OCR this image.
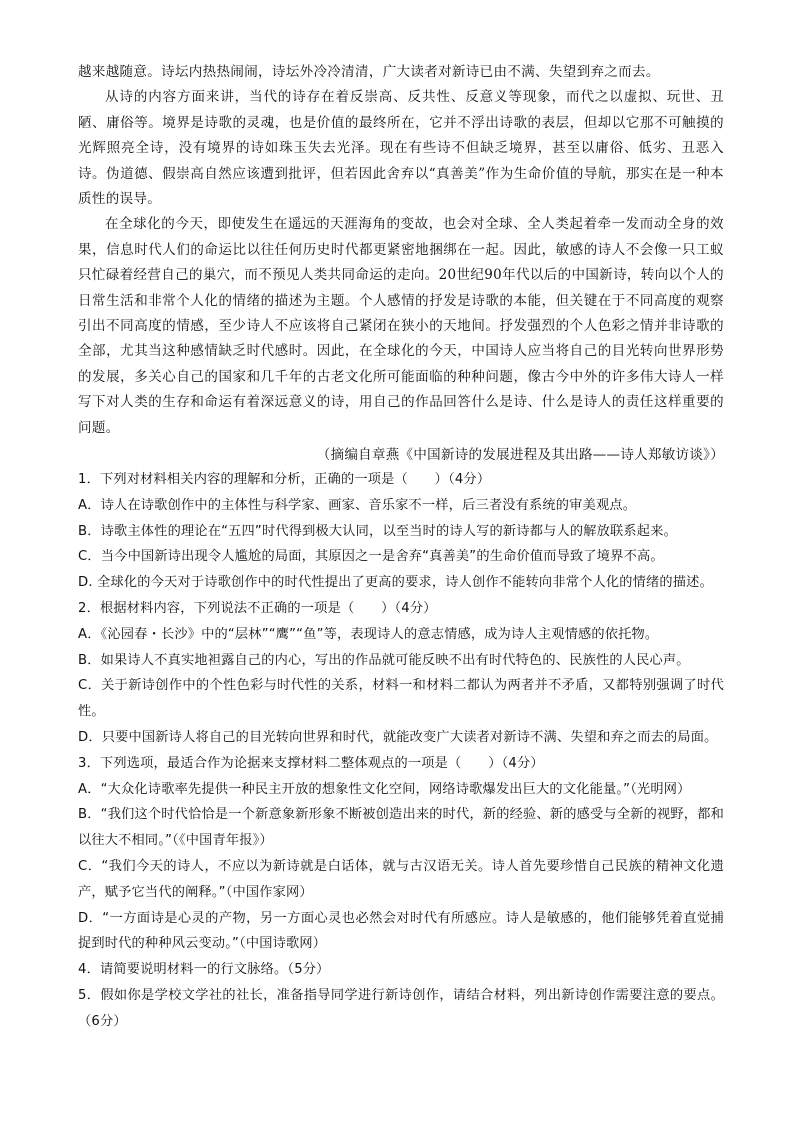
越来越随意。诗坛内热热闹闹，诗坛外冷冷清清，广大读者对新诗已由不满、失望到弃之而去。

从诗的内容方面来讲，当代的诗存在着反崇高、反共性、反意义等现象，而代之以虚拟、玩世、丑陋、庸俗等。境界是诗歌的灵魂，也是价值的最终所在，它并不浮出诗歌的表层，但却以它那不可触摸的光辉照亮全诗，没有境界的诗如珠玉失去光泽。现在有些诗不但缺乏境界，甚至以庸俗、低劣、丑恶入诗。伪道德、假崇高自然应该遭到批评，但若因此舍弃以“真善美”作为生命价值的导航，那实在是一种本质性的误导。

在全球化的今天，即使发生在遥远的天涯海角的变故，也会对全球、全人类起着牵一发而动全身的效果，信息时代人们的命运比以往任何历史时代都更紧密地捆绑在一起。因此，敏感的诗人不会像一只工蚁只忙碌着经营自己的巢穴，而不预见人类共同命运的走向。20世纪90年代以后的中国新诗，转向以个人的日常生活和非常个人化的情绪的描述为主题。个人感情的抒发是诗歌的本能，但关键在于不同高度的观察引出不同高度的情感，至少诗人不应该将自己紧闭在狭小的天地间。抒发强烈的个人色彩之情并非诗歌的全部，尤其当这种感情缺乏时代感时。因此，在全球化的今天，中国诗人应当将自己的目光转向世界形势的发展，多关心自己的国家和几千年的古老文化所可能面临的种种问题，像古今中外的许多伟大诗人一样写下对人类的生存和命运有着深远意义的诗，用自己的作品回答什么是诗、什么是诗人的责任这样重要的问题。

（摘编自章燕《中国新诗的发展进程及其出路——诗人郑敏访谈》）

1．下列对材料相关内容的理解和分析，正确的一项是（　　）（4分）

A．诗人在诗歌创作中的主体性与科学家、画家、音乐家不一样，后三者没有系统的审美观点。

B．诗歌主体性的理论在“五四”时代得到极大认同，以至当时的诗人写的新诗都与人的解放联系起来。

C．当今中国新诗出现令人尴尬的局面，其原因之一是舍弃“真善美”的生命价值而导致了境界不高。

D. 全球化的今天对于诗歌创作中的时代性提出了更高的要求，诗人创作不能转向非常个人化的情绪的描述。

2．根据材料内容，下列说法不正确的一项是（　　）（4分）

A．《沁园春・长沙》中的“层林”“鹰”“鱼”等，表现诗人的意志情感，成为诗人主观情感的依托物。

B．如果诗人不真实地袒露自己的内心，写出的作品就可能反映不出有时代特色的、民族性的人民心声。

C．关于新诗创作中的个性色彩与时代性的关系，材料一和材料二都认为两者并不矛盾，又都特别强调了时代性。

D．只要中国新诗人将自己的目光转向世界和时代，就能改变广大读者对新诗不满、失望和弃之而去的局面。

3．下列选项，最适合作为论据来支撑材料二整体观点的一项是（　　）（4分）

A．“大众化诗歌率先提供一种民主开放的想象性文化空间，网络诗歌爆发出巨大的文化能量。”（光明网）

B．“我们这个时代恰恰是一个新意象新形象不断被创造出来的时代，新的经验、新的感受与全新的视野，都和以往大不相同。”（《中国青年报》）

C．“我们今天的诗人，不应以为新诗就是白话体，就与古汉语无关。诗人首先要珍惜自己民族的精神文化遗产，赋予它当代的阐释。”（中国作家网）

D．“一方面诗是心灵的产物，另一方面心灵也必然会对时代有所感应。诗人是敏感的，他们能够凭着直觉捕捉到时代的种种风云变动。”（中国诗歌网）

4．请简要说明材料一的行文脉络。（5分）

5．假如你是学校文学社的社长，准备指导同学进行新诗创作，请结合材料，列出新诗创作需要注意的要点。（6分）
